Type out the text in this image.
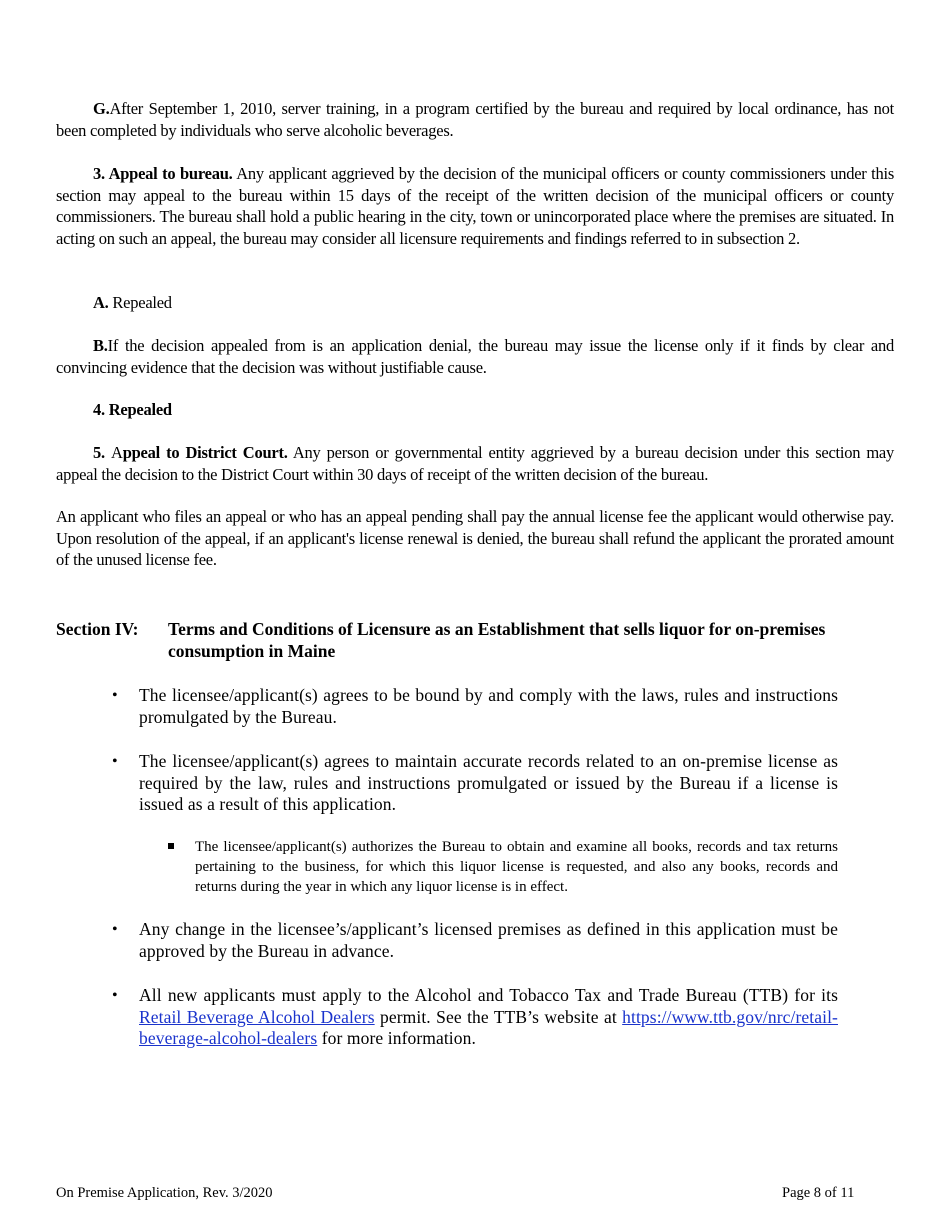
G.After September 1, 2010, server training, in a program certified by the bureau and required by local ordinance, has not been completed by individuals who serve alcoholic beverages.
3. Appeal to bureau. Any applicant aggrieved by the decision of the municipal officers or county commissioners under this section may appeal to the bureau within 15 days of the receipt of the written decision of the municipal officers or county commissioners. The bureau shall hold a public hearing in the city, town or unincorporated place where the premises are situated. In acting on such an appeal, the bureau may consider all licensure requirements and findings referred to in subsection 2.
A. Repealed
B.If the decision appealed from is an application denial, the bureau may issue the license only if it finds by clear and convincing evidence that the decision was without justifiable cause.
4. Repealed
5. Appeal to District Court. Any person or governmental entity aggrieved by a bureau decision under this section may appeal the decision to the District Court within 30 days of receipt of the written decision of the bureau.
An applicant who files an appeal or who has an appeal pending shall pay the annual license fee the applicant would otherwise pay. Upon resolution of the appeal, if an applicant's license renewal is denied, the bureau shall refund the applicant the prorated amount of the unused license fee.
Section IV: Terms and Conditions of Licensure as an Establishment that sells liquor for on-premises consumption in Maine
• The licensee/applicant(s) agrees to be bound by and comply with the laws, rules and instructions promulgated by the Bureau.
• The licensee/applicant(s) agrees to maintain accurate records related to an on-premise license as required by the law, rules and instructions promulgated or issued by the Bureau if a license is issued as a result of this application.
The licensee/applicant(s) authorizes the Bureau to obtain and examine all books, records and tax returns pertaining to the business, for which this liquor license is requested, and also any books, records and returns during the year in which any liquor license is in effect.
• Any change in the licensee’s/applicant’s licensed premises as defined in this application must be approved by the Bureau in advance.
• All new applicants must apply to the Alcohol and Tobacco Tax and Trade Bureau (TTB) for its Retail Beverage Alcohol Dealers permit. See the TTB’s website at https://www.ttb.gov/nrc/retail-beverage-alcohol-dealers for more information.
On Premise Application, Rev. 3/2020	Page 8 of 11
